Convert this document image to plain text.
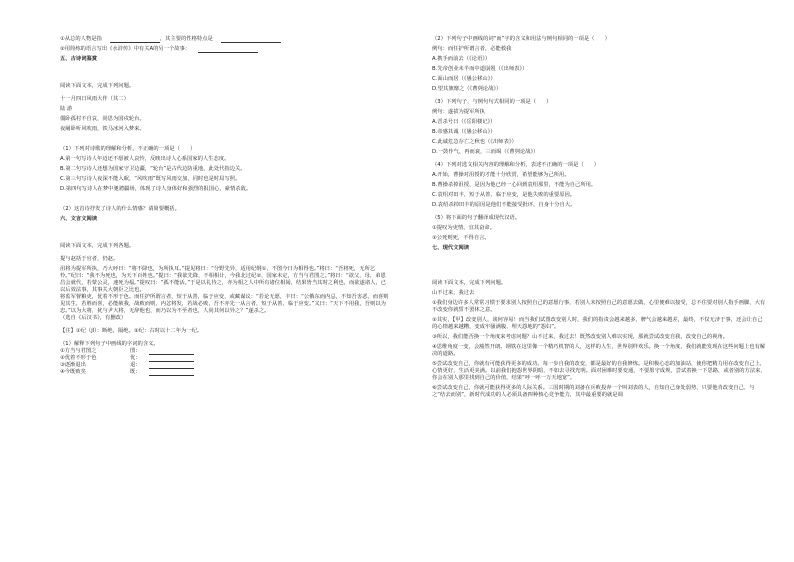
①从总的人物是指	，其主要的性格特点是

②用简练的语言写出《水浒传》中有关A的另一个故事：

五、古诗词鉴赏

阅读下面文本，完成下列问题。

十一月四日风雨大作（其二）

陆 游

僵卧孤村不自哀，尚思为国戍轮台。

夜阑卧听风吹雨，铁马冰河入梦来。

（1）下列对诗歌的理解和分析，不正确的一项是（      ）

A.第一句写诗人年迈还不愿被人哀怜，反映出诗人心系国家的人生态度。

B.第二句写诗人还想为国家守卫边疆，“轮台”是古代边防重地，此处代指边关。

C.第三句写诗人夜深不能入眠，“风吹雨”既写风雨交加，同时也是时局写照。

D.第四句写诗人在梦中驰骋疆场，体现了诗人身体好和强烈的报国心，豪情杀敌。

（2）这首诗抒发了诗人的什么情感？请简要概括。

六、文言文阅读

阅读下面文本，完成下列各题。

提与赵括于官者，仍赵。

沮将为提军所执，乃大呼曰：“将不降也，为所执耳。”提见将曰：“分野先异，适用纪纲①，不图今日为相得也。”将曰：“吾将死，无所乞怜。”纪曰：“我不为死也，为天下百姓也。”提曰：“我欲先降，不相相计，今我北过纪②，国家未定，方当与君图之。”将曰：“欲父，母，弟恩昌会就代，若蒙公灵，速死为福。”提叹曰：“孤不能活。”于是以礼待之，亦为相之人中所有诸位相阅，结果皆当其时之利也，而欲遂诸人，已以后效法事，其事关大朝臣之比也。

将监军督粮吏，优着不形于色。而任护所谓言者，短于从善，临于应变，或藏谋议：“若论无愿，丰曰：“公俄东而内忌，不知吾害恶，而喜则见其生，若胜而喜，必能赦我，战败而则，内忿将发，若战必败，吾不亦先一从言者，短于从善，临于应变。”又曰：“天下不用我，吾则以为忠。”以为大将，犹与尹大将，无辞他也，而乃以为不至者也，人尚其何以异之？”遂杀之。

（选自《后汉书》，有删改）

【注】①纪（jǐ）：断绝，隔绝。②纪：古时以十二年为一纪。

（1）解释下列句子中画线的字词的含义。

①方当与君图之	图：

②优着不形于色	优：

③逐渐退出	退：

④今既败矣	既：

（2）下列句子中画线的词“而”字的含义和用法与例句相同的一项是（      ）

例句：而任护所谓言者，必能救我

A.携手而前去（《论语》）

B.先帝创业未半而中道崩殂（《出师表》）

C.面山而居（《愚公移山》）

D.望其旗靡之（《曹刿论战》）

（3）下列句子，与例句句式相同的一项是（      ）

例句：遂拔为提军所执

A.晋杀号曰（《岳阳楼记》）

B.帝感其诚（《愚公移山》）

C.此诚危急存亡之秋也（《出师表》）

D.一鼓作气，再而衰，三而竭（《曹刿论战》）

（4）下列对选文相关内容的理解和分析，表述不正确的一项是（      ）

A.开始，曹操对沮授的才能十分欣赏，希望能够为己所用。

B.曹操杀掉沮授，是因为他已经一心回到袁绍那里，不能为自己所用。

C.袁绍对田丰，短于从善，临于应变，是他失败的重要原因。

D.袁绍杀掉田丰的原因是他们不能接受批评，自身十分自大。

（5）将下面的句子翻译成现代汉语。

①提叹为吏情，宜其奋命。

②公死则死，不得自言。

七、现代文阅读

阅读下面文本，完成下列问题。

山不过来，我过去

①我们身边许多人常常习惯于要求别人按照自己的意愿行事，若别人未按照自己的意愿去做，心里便难以接受，总不住要对别人指手画脚，大有不改变你就誓不罢休之意。

②其实，【甲】改变别人，谈何容易！而当我们试图改变别人时，我们的指责会越来越多，脾气会越来越差，最终，不仅无济于事，还会让自己的心情越来越糟，变成牢骚满腹、埋天怨地的“怨妇”。

③所以，我们能否换一个角度来考虑问题？山不过来，我过去！既然改变别人难以实现，那就尝试改变自我，改变自己的视角。

④思维角度一变，会豁然开朗。钢铁在这里像一个精巧机智的人，这样的人生，世界别样欢乐。换一个角度，我们就能发现在这些问题上也有解决的道路。

⑤尝试改变自己，你就有可能获得更多的成功。每一步自我的改变，都是最好的自我修炼。是积极心态的加油站，使你把精力用在改变自己上，心情更好，生活更美满。以前我们抱怨世界阴暗，不如去寻找光明。面对困难时要变通，不要墨守成规，尝试着换一下思路，或者别的方法来，你会在别人那里找到自己的价值，结果“呼一呼一万天地宽”。

⑥尝试改变自己，你就可能获得更多的人际关系。三国时期的刘备在兵败投奔一个叫刘表的人，自知自己身处弱势，只要他肯改变自己，与之“结去而别”，新时代成功的人必须具备四种核心竞争能力，其中最重要的就是调
